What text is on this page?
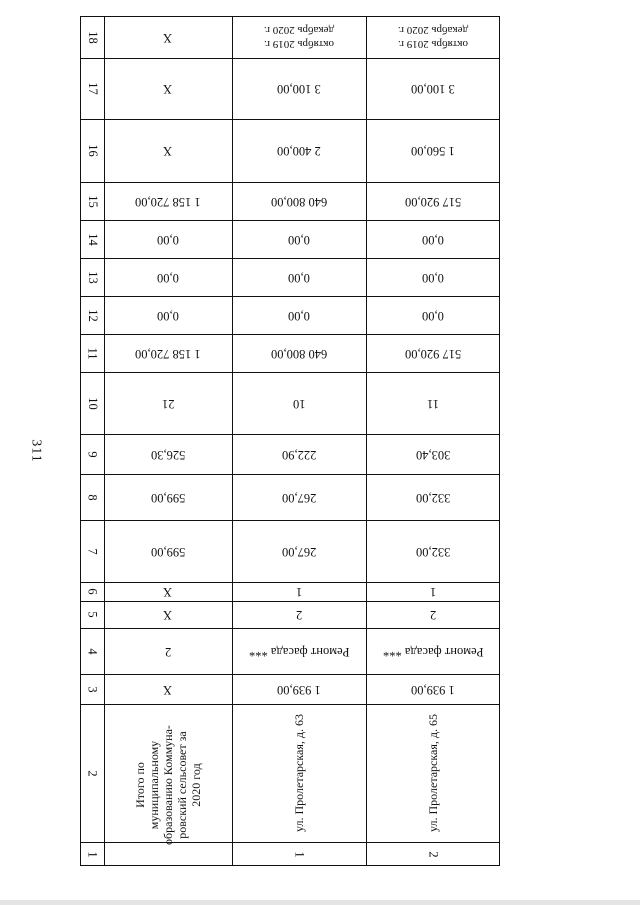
311
18
17
16
15
14
13
12
11
10
9
8
7
6
5
4
3
2
1
X
X
X
1 158 720,00
0,00
0,00
0,00
1 158 720,00
21
526,30
599,00
599,00
X
X
2
X
Итого по муниципальному образованию Коммуна-ровский сельсовет за 2020 год
октябрь 2019 г. декабрь 2020 г.
3 100,00
2 400,00
640 800,00
0,00
0,00
0,00
640 800,00
10
222,90
267,00
267,00
1
2
Ремонт фасада ***
1 939,00
ул. Пролетарская, д. 63
1
октябрь 2019 г. декабрь 2020 г.
3 100,00
1 560,00
517 920,00
0,00
0,00
0,00
517 920,00
11
303,40
332,00
332,00
1
2
Ремонт фасада ***
1 939,00
ул. Пролетарская, д. 65
2
